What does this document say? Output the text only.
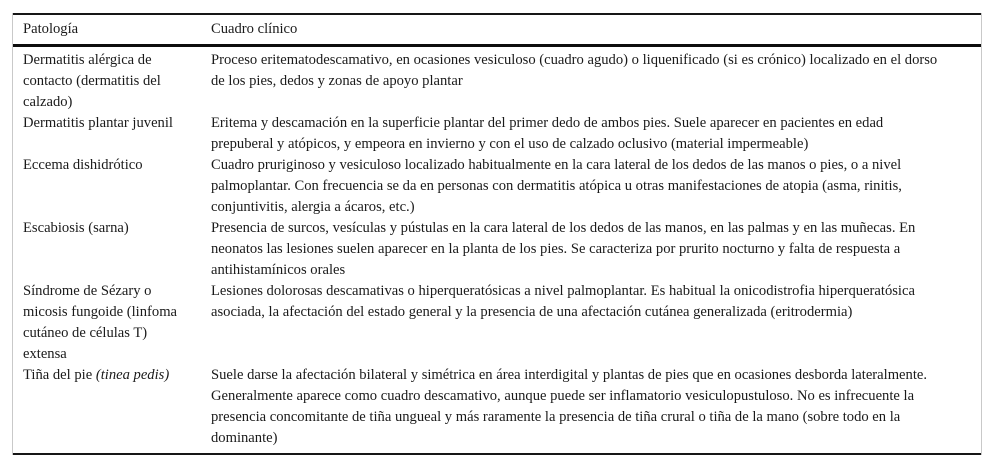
Patología	Cuadro clínico
Dermatitis alérgica de contacto (dermatitis del calzado)	Proceso eritematodescamativo, en ocasiones vesiculoso (cuadro agudo) o liquenificado (si es crónico) localizado en el dorso de los pies, dedos y zonas de apoyo plantar
Dermatitis plantar juvenil	Eritema y descamación en la superficie plantar del primer dedo de ambos pies. Suele aparecer en pacientes en edad prepuberal y atópicos, y empeora en invierno y con el uso de calzado oclusivo (material impermeable)
Eccema dishidrótico	Cuadro pruriginoso y vesiculoso localizado habitualmente en la cara lateral de los dedos de las manos o pies, o a nivel palmoplantar. Con frecuencia se da en personas con dermatitis atópica u otras manifestaciones de atopia (asma, rinitis, conjuntivitis, alergia a ácaros, etc.)
Escabiosis (sarna)	Presencia de surcos, vesículas y pústulas en la cara lateral de los dedos de las manos, en las palmas y en las muñecas. En neonatos las lesiones suelen aparecer en la planta de los pies. Se caracteriza por prurito nocturno y falta de respuesta a antihistamínicos orales
Síndrome de Sézary o micosis fungoide (linfoma cutáneo de células T) extensa	Lesiones dolorosas descamativas o hiperqueratósicas a nivel palmoplantar. Es habitual la onicodistrofia hiperqueratósica asociada, la afectación del estado general y la presencia de una afectación cutánea generalizada (eritrodermia)
Tiña del pie (tinea pedis)	Suele darse la afectación bilateral y simétrica en área interdigital y plantas de pies que en ocasiones desborda lateralmente. Generalmente aparece como cuadro descamativo, aunque puede ser inflamatorio vesiculopustuloso. No es infrecuente la presencia concomitante de tiña ungueal y más raramente la presencia de tiña crural o tiña de la mano (sobre todo en la dominante)
